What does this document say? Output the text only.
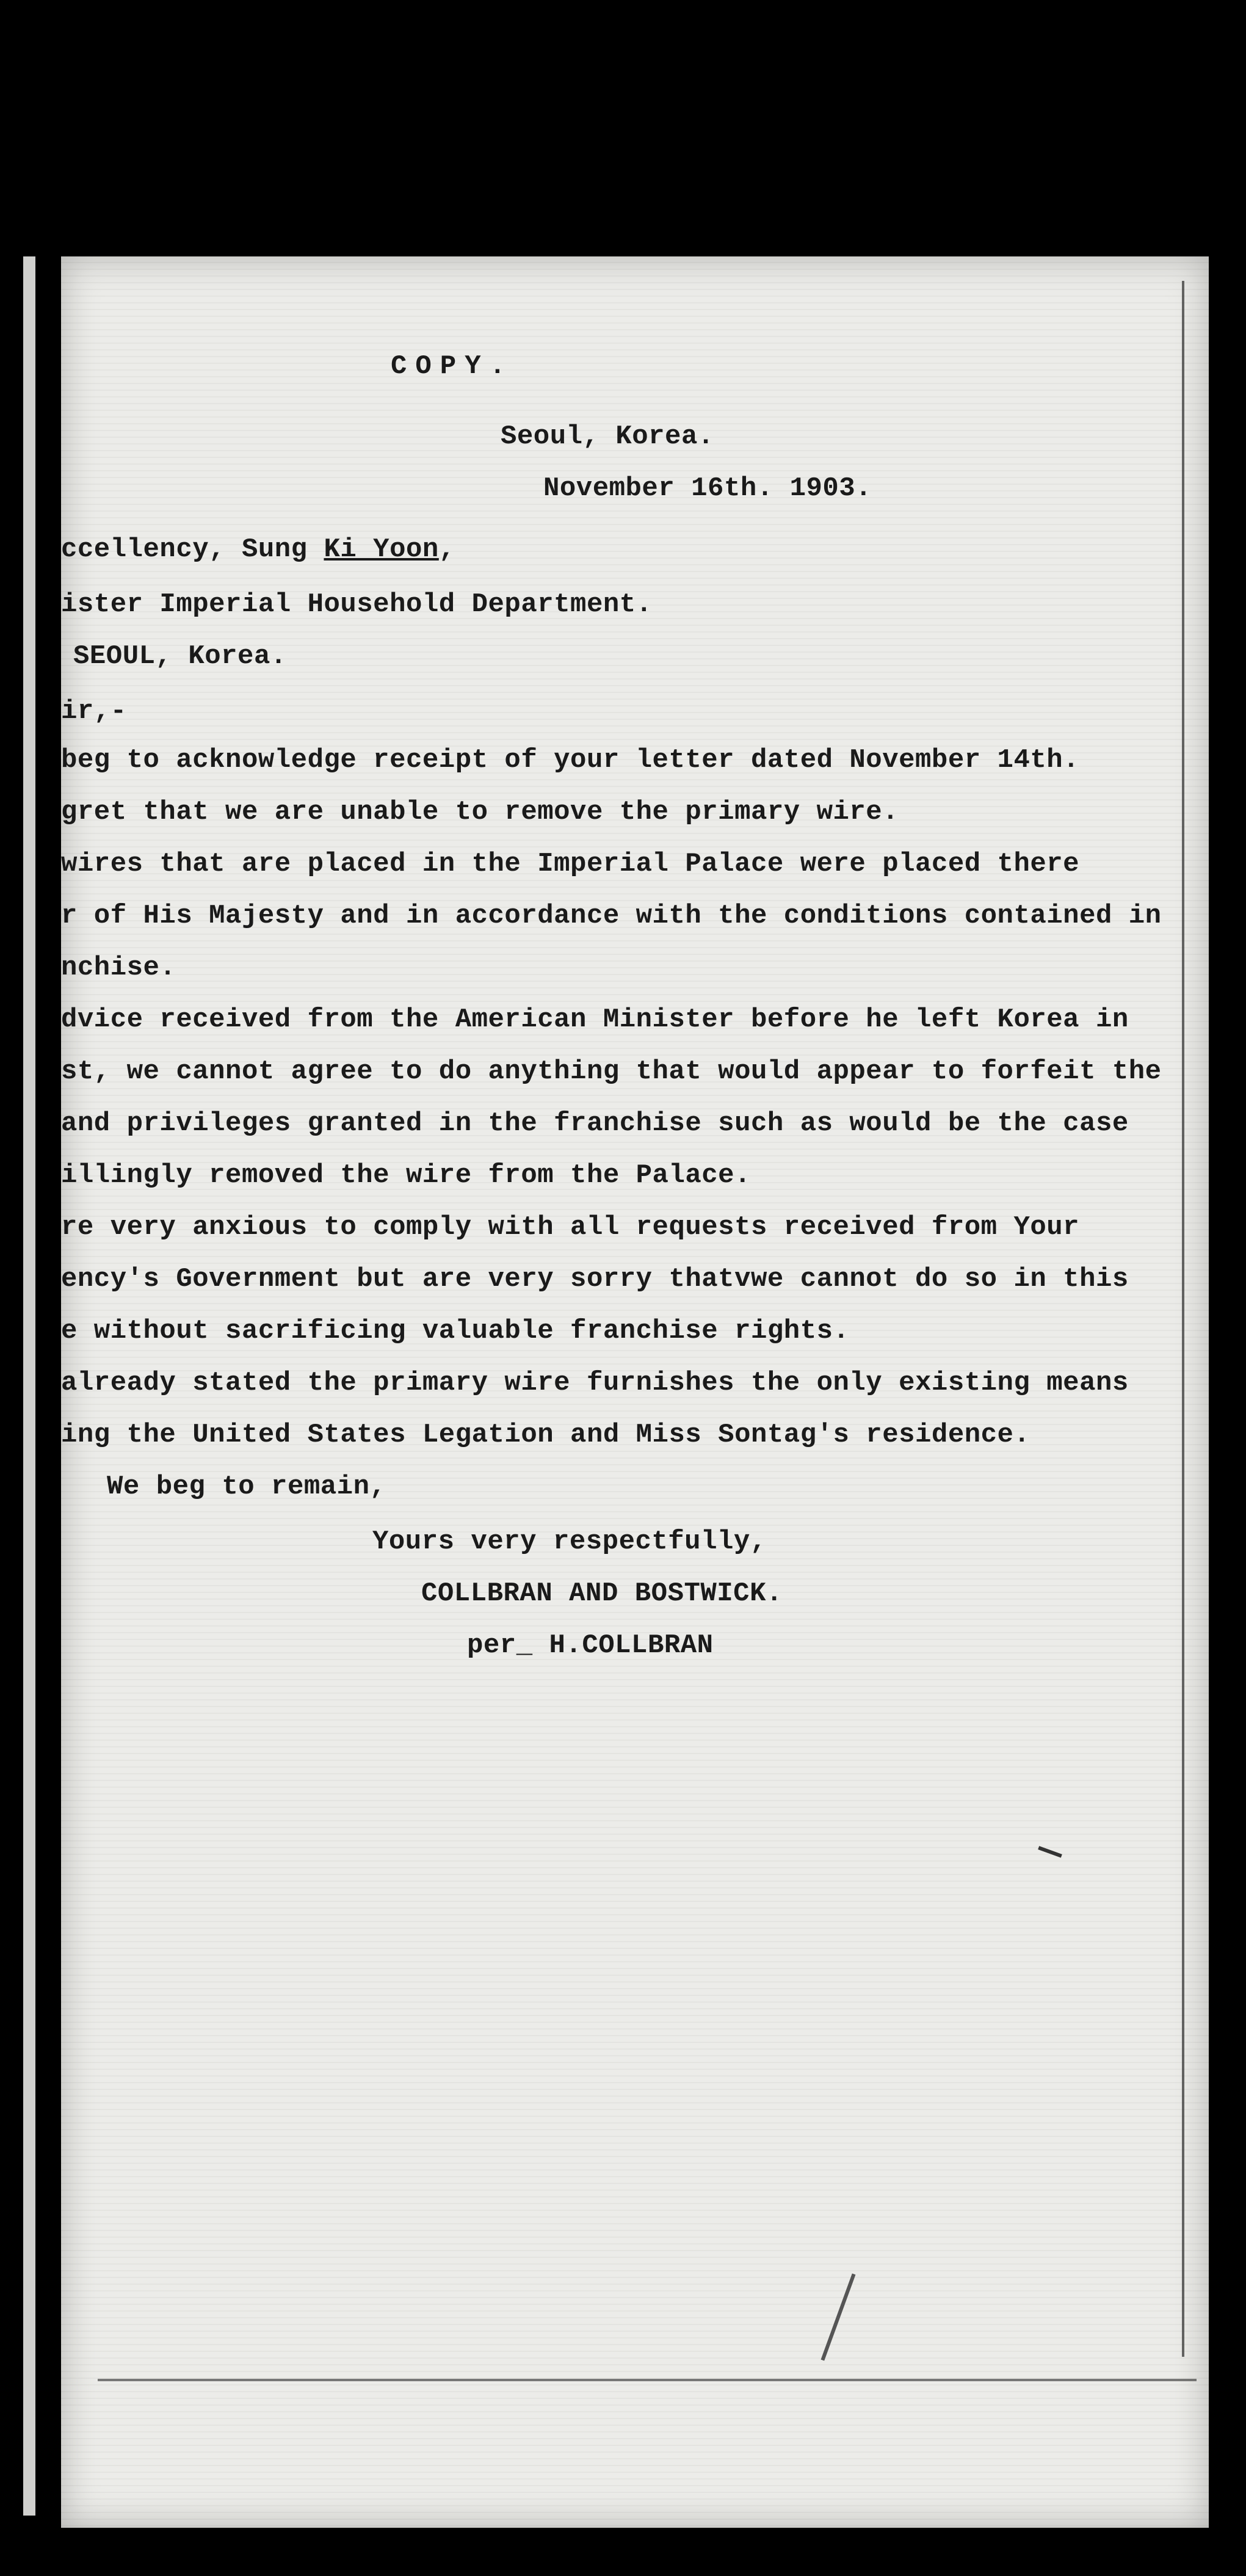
COPY.
Seoul, Korea.
November 16th. 1903.
ccellency, Sung Ki Yoon,
ister Imperial Household Department.
SEOUL, Korea.
ir,-
beg to acknowledge receipt of your letter dated November 14th.
gret that we are unable to remove the primary wire.
wires that are placed in the Imperial Palace were placed there
r of His Majesty and in accordance with the conditions contained in
nchise.
dvice received from the American Minister before he left Korea in
st, we cannot agree to do anything that would appear to forfeit the
and privileges granted in the franchise such as would be the case
illingly removed the wire from the Palace.
re very anxious to comply with all requests received from Your
ency's Government but are very sorry thatvwe cannot do so in this
e without sacrificing valuable franchise rights.
already stated the primary wire furnishes the only existing means
ing the United States Legation and Miss Sontag's residence.
We beg to remain,
Yours very respectfully,
COLLBRAN AND BOSTWICK.
per_ H.COLLBRAN
